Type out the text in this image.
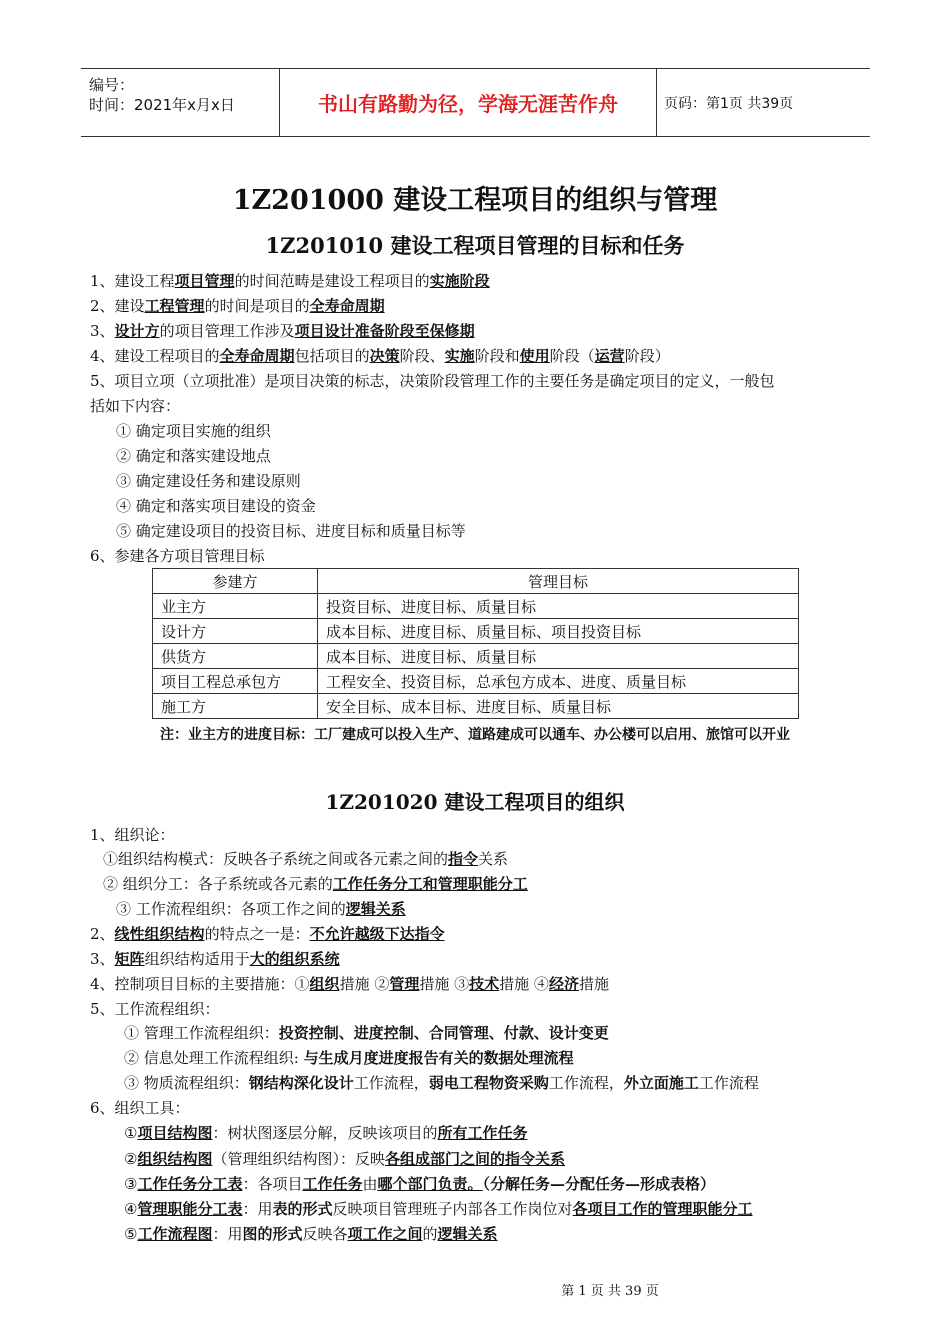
编号：
时间：2021年x月x日	书山有路勤为径，学海无涯苦作舟	页码：第1页 共39页
1Z201000 建设工程项目的组织与管理
1Z201010 建设工程项目管理的目标和任务
1、建设工程项目管理的时间范畴是建设工程项目的实施阶段
2、建设工程管理的时间是项目的全寿命周期
3、设计方的项目管理工作涉及项目设计准备阶段至保修期
4、建设工程项目的全寿命周期包括项目的决策阶段、实施阶段和使用阶段（运营阶段）
5、项目立项（立项批准）是项目决策的标志，决策阶段管理工作的主要任务是确定项目的定义，一般包
括如下内容：
① 确定项目实施的组织
② 确定和落实建设地点
③ 确定建设任务和建设原则
④ 确定和落实项目建设的资金
⑤ 确定建设项目的投资目标、进度目标和质量目标等
6、参建各方项目管理目标
参建方	管理目标
业主方	投资目标、进度目标、质量目标
设计方	成本目标、进度目标、质量目标、项目投资目标
供货方	成本目标、进度目标、质量目标
项目工程总承包方	工程安全、投资目标，总承包方成本、进度、质量目标
施工方	安全目标、成本目标、进度目标、质量目标
注：业主方的进度目标：工厂建成可以投入生产、道路建成可以通车、办公楼可以启用、旅馆可以开业
1Z201020 建设工程项目的组织
1、组织论：
①组织结构模式：反映各子系统之间或各元素之间的指令关系
② 组织分工：各子系统或各元素的工作任务分工和管理职能分工
③ 工作流程组织：各项工作之间的逻辑关系
2、线性组织结构的特点之一是：不允许越级下达指令
3、矩阵组织结构适用于大的组织系统
4、控制项目目标的主要措施：①组织措施 ②管理措施 ③技术措施 ④经济措施
5、工作流程组织：
① 管理工作流程组织：投资控制、进度控制、合同管理、付款、设计变更
② 信息处理工作流程组织: 与生成月度进度报告有关的数据处理流程
③ 物质流程组织：钢结构深化设计工作流程，弱电工程物资采购工作流程，外立面施工工作流程
6、组织工具：
①项目结构图：树状图逐层分解，反映该项目的所有工作任务
②组织结构图（管理组织结构图）：反映各组成部门之间的指令关系
③工作任务分工表：各项目工作任务由哪个部门负责。（分解任务—分配任务—形成表格）
④管理职能分工表：用表的形式反映项目管理班子内部各工作岗位对各项目工作的管理职能分工
⑤工作流程图：用图的形式反映各项工作之间的逻辑关系
第 1 页 共 39 页
